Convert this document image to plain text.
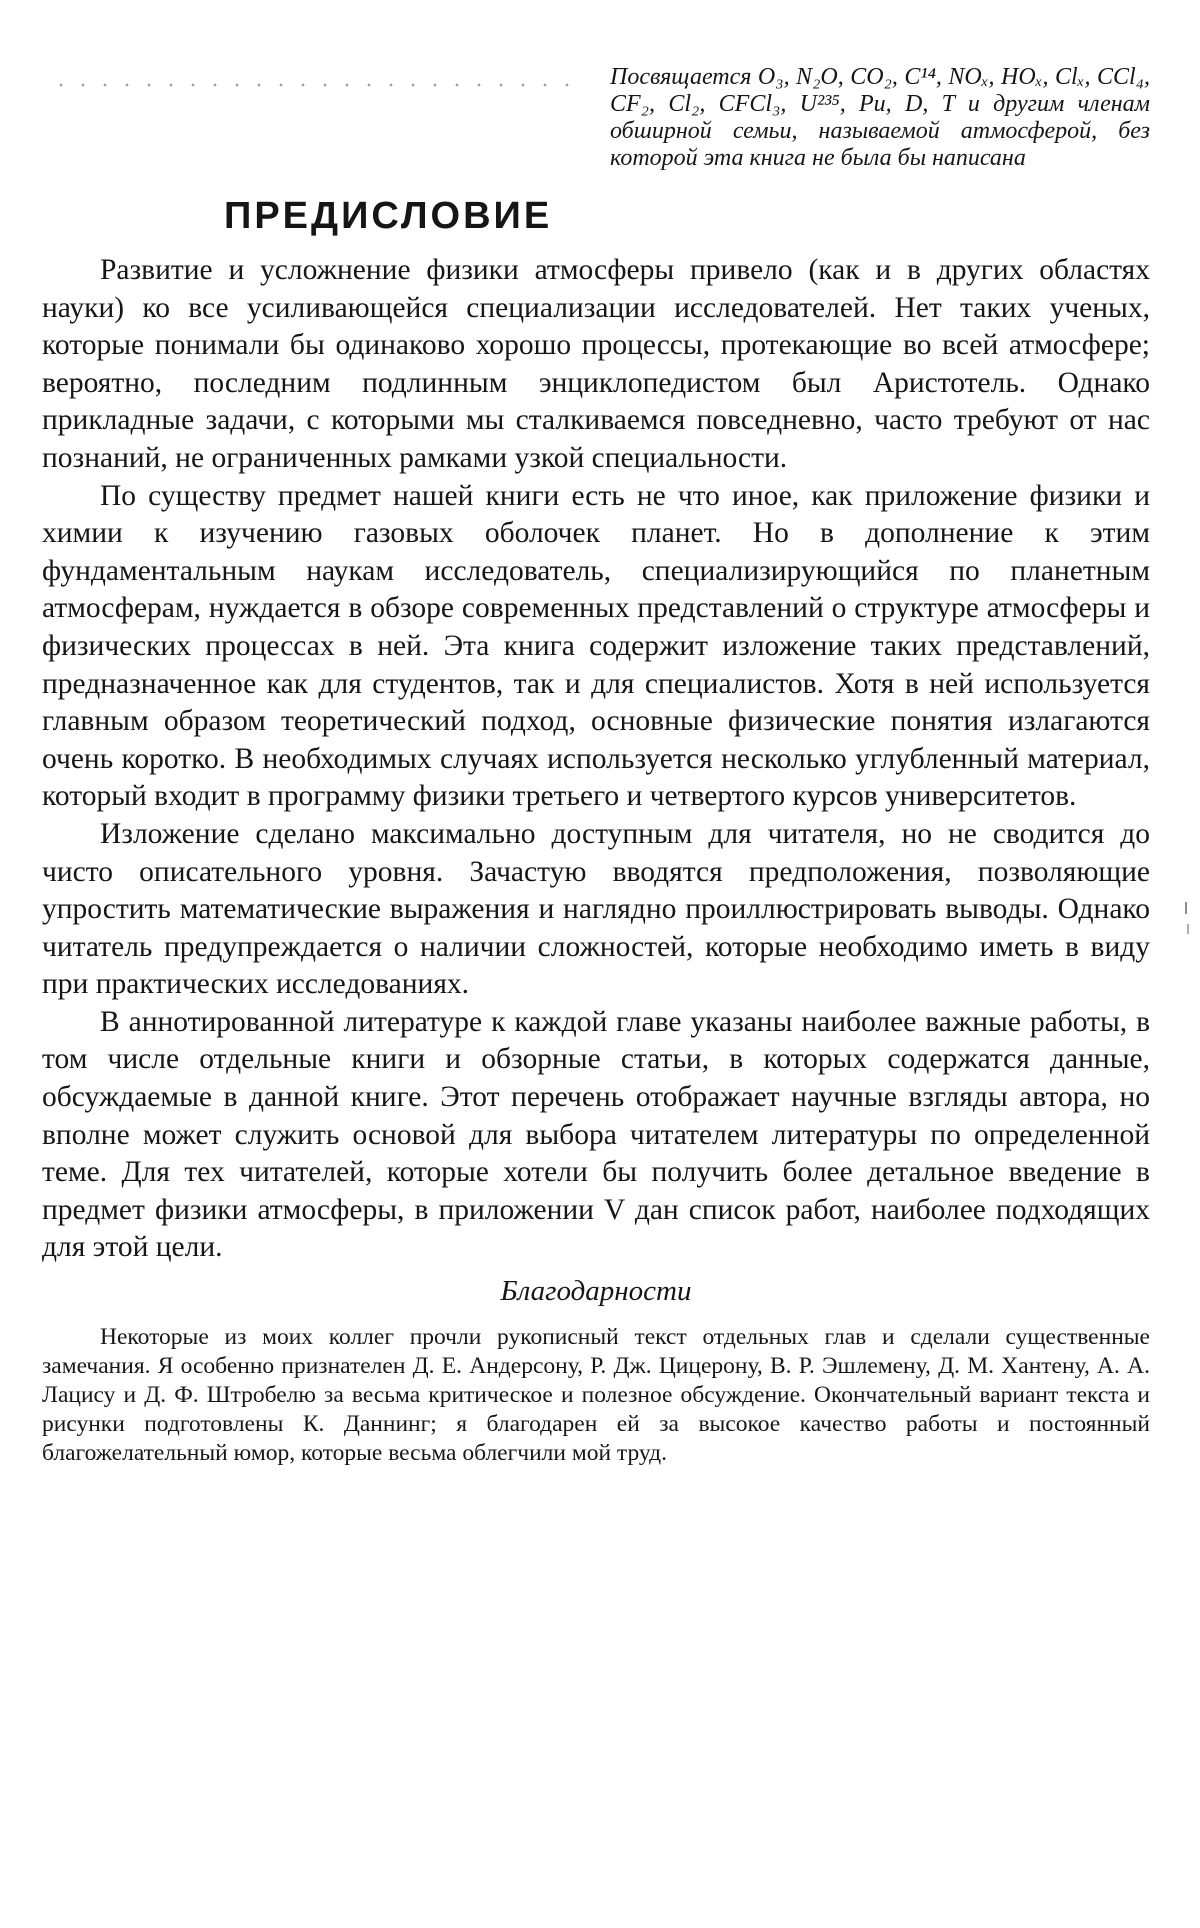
Посвящается O₃, N₂O, CO₂, C¹⁴, NOₓ, HOₓ, Clₓ, CCl₄, CF₂, Cl₂, CFCl₃, U²³⁵, Pu, D, T и другим членам обширной семьи, называемой атмосферой, без которой эта книга не была бы написана
ПРЕДИСЛОВИЕ

Развитие и усложнение физики атмосферы привело (как и в других областях науки) ко все усиливающейся специализации исследователей. Нет таких ученых, которые понимали бы одинаково хорошо процессы, протекающие во всей атмосфере; вероятно, последним подлинным энциклопедистом был Аристотель. Однако прикладные задачи, с которыми мы сталкиваемся повседневно, часто требуют от нас познаний, не ограниченных рамками узкой специальности.

По существу предмет нашей книги есть не что иное, как приложение физики и химии к изучению газовых оболочек планет. Но в дополнение к этим фундаментальным наукам исследователь, специализирующийся по планетным атмосферам, нуждается в обзоре современных представлений о структуре атмосферы и физических процессах в ней. Эта книга содержит изложение таких представлений, предназначенное как для студентов, так и для специалистов. Хотя в ней используется главным образом теоретический подход, основные физические понятия излагаются очень коротко. В необходимых случаях используется несколько углубленный материал, который входит в программу физики третьего и четвертого курсов университетов.

Изложение сделано максимально доступным для читателя, но не сводится до чисто описательного уровня. Зачастую вводятся предположения, позволяющие упростить математические выражения и наглядно проиллюстрировать выводы. Однако читатель предупреждается о наличии сложностей, которые необходимо иметь в виду при практических исследованиях.

В аннотированной литературе к каждой главе указаны наиболее важные работы, в том числе отдельные книги и обзорные статьи, в которых содержатся данные, обсуждаемые в данной книге. Этот перечень отображает научные взгляды автора, но вполне может служить основой для выбора читателем литературы по определенной теме. Для тех читателей, которые хотели бы получить более детальное введение в предмет физики атмосферы, в приложении V дан список работ, наиболее подходящих для этой цели.

Благодарности

Некоторые из моих коллег прочли рукописный текст отдельных глав и сделали существенные замечания. Я особенно признателен Д. Е. Андерсону, Р. Дж. Цицерону, В. Р. Эшлемену, Д. М. Хантену, А. А. Лацису и Д. Ф. Штробелю за весьма критическое и полезное обсуждение. Окончательный вариант текста и рисунки подготовлены К. Даннинг; я благодарен ей за высокое качество работы и постоянный благожелательный юмор, которые весьма облегчили мой труд.
